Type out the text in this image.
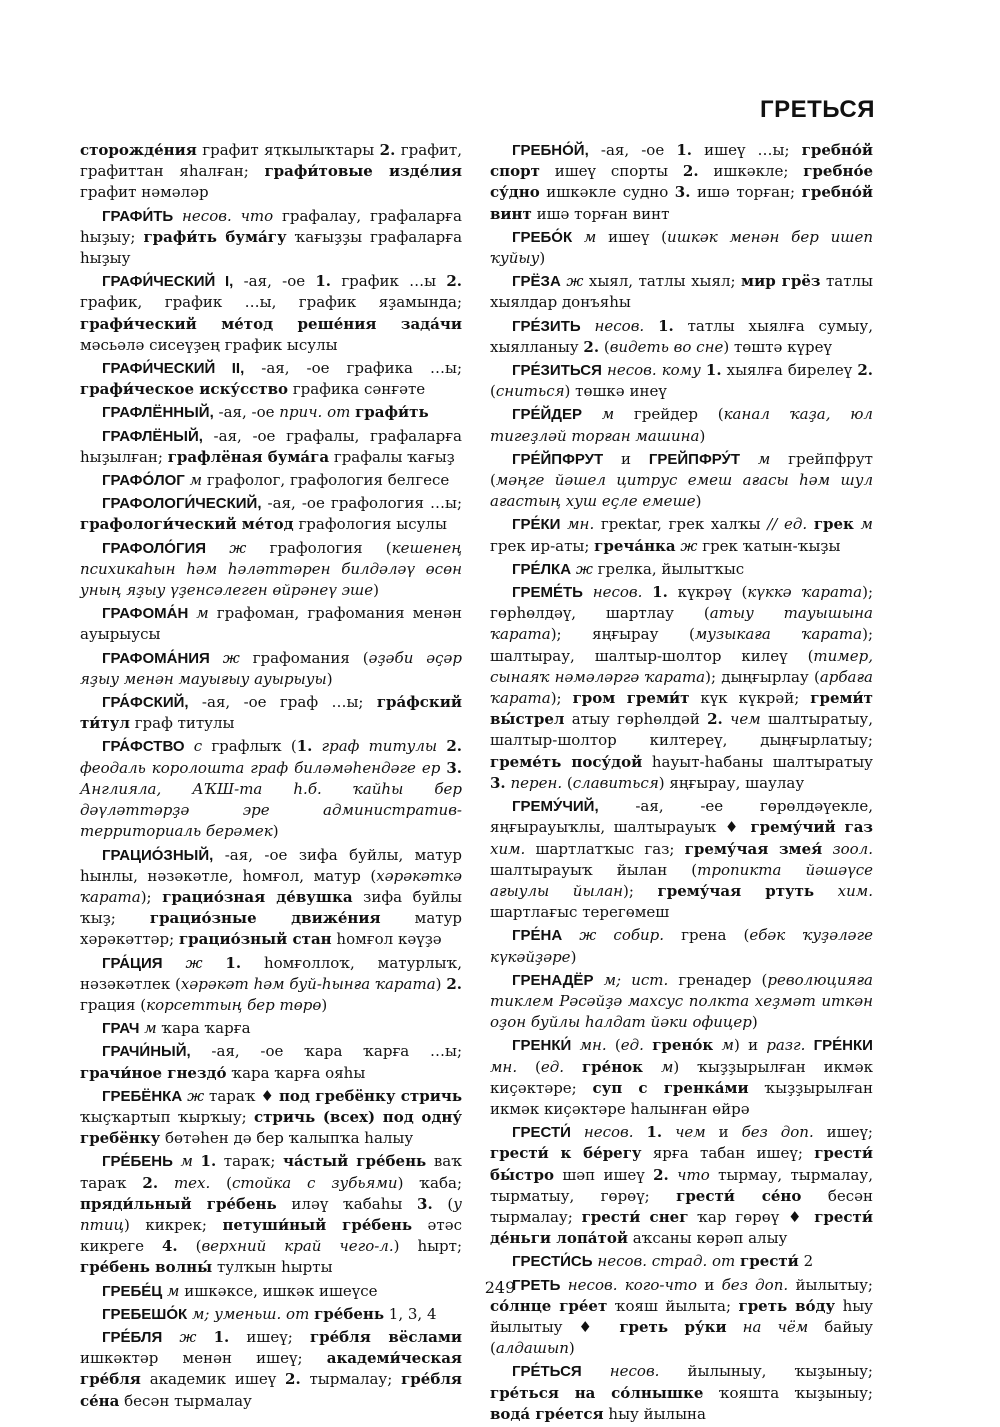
ГРЕТЬСЯ

сторожде́ния графит яҭкылыҡтары 2. графит, графиттан яһалған; графи́товые изде́лия графит нәмәләр

ГРАФИ́ТЬ несов. что графалау, графаларға һыҙыу; графи́ть бума́гу ҡағыҙҙы графаларға һыҙыу

ГРАФИ́ЧЕСКИЙ I, -ая, -ое 1. график …ы 2. график, график …ы, график яҙамында; графи́ческий ме́тод реше́ния зада́чи мәсьәлә сисеүҙең график ысулы

ГРАФИ́ЧЕСКИЙ II, -ая, -ое графика …ы; графи́ческое иску́сство графика сәнғәте

ГРАФЛЁННЫЙ, -ая, -ое прич. от графи́ть

ГРАФЛЁНЫЙ, -ая, -ое графалы, графаларға һыҙылған; графлёная бума́га графалы ҡағыҙ

ГРАФО́ЛОГ м графолог, графология белгесе

ГРАФОЛОГИ́ЧЕСКИЙ, -ая, -ое графология …ы; графологи́ческий ме́тод графология ысулы

ГРАФОЛО́ГИЯ ж графология (кешенең психикаһын һәм һәләттәрен билдәләү өсөн уның яҙыу үҙенсәлеген өйрәнеү эше)

ГРАФОМА́Н м графоман, графомания менән ауырыусы

ГРАФОМА́НИЯ ж графомания (әҙәби әҫәр яҙыу менән мауығыу ауырыуы)

ГРА́ФСКИЙ, -ая, -ое граф …ы; гра́фский ти́тул граф титулы

ГРА́ФСТВО с графлыҡ (1. граф титулы 2. феодаль королошта граф биләмәһендәге ер 3. Англияла, АҠШ-та һ.б. ҡайһы бер дәүләттәрҙә эре административ-территориаль берәмек)

ГРАЦИО́ЗНЫЙ, -ая, -ое зифа буйлы, матур һынлы, нәзәкәтле, һомғол, матур (хәрәкәткә ҡарата); грацио́зная де́вушка зифа буйлы ҡыҙ; грацио́зные движе́ния матур хәрәкәттәр; грацио́зный стан һомғол кәүҙә

ГРА́ЦИЯ ж 1. һомғоллоҡ, матурлыҡ, нәзәкәтлек (хәрәкәт һәм буй-һынға ҡарата) 2. грация (корсеттың бер төрө)

ГРАЧ м ҡара ҡарға

ГРАЧИ́НЫЙ, -ая, -ое ҡара ҡарға …ы; грачи́ное гнездо́ ҡара ҡарға ояһы

ГРЕБЁНКА ж тараҡ ♦ под гребёнку стричь ҡыҫҡартып ҡырҡыу; стричь (всех) под одну́ гребёнку бөтәһен дә бер ҡалыпҡа һалыу

ГРЕ́БЕНЬ м 1. тараҡ; ча́стый гре́бень ваҡ тараҡ 2. тех. (стойка с зубьями) ҡаба; пряди́льный гре́бень иләү ҡабаһы 3. (у птиц) кикрек; петуши́ный гре́бень әтәс кикреге 4. (верхний край чего-л.) һырт; гре́бень волны́ тулҡын һырты

ГРЕБЕ́Ц м ишкәксе, ишкәк ишеүсе

ГРЕБЕШО́К м; уменьш. от гре́бень 1, 3, 4

ГРЕ́БЛЯ ж 1. ишеү; гре́бля вёслами ишкәктәр менән ишеү; академи́ческая гре́бля академик ишеү 2. тырмалау; гре́бля се́на бесән тырмалау

ГРЕБНО́Й, -ая, -ое 1. ишеү …ы; гребно́й спорт ишеү спорты 2. ишкәкле; гребно́е су́дно ишкәкле судно 3. ишә торған; гребно́й винт ишә торған винт

ГРЕБО́К м ишеү (ишкәк менән бер ишеп ҡуйыу)

ГРЁЗА ж хыял, татлы хыял; мир грёз татлы хыялдар донъяһы

ГРЕ́ЗИТЬ несов. 1. татлы хыялға сумыу, хыялланыу 2. (видеть во сне) төштә күреү

ГРЕ́ЗИТЬСЯ несов. кому 1. хыялға бирелеү 2. (сниться) төшкә инеү

ГРЕ́ЙДЕР м грейдер (канал ҡаҙа, юл тигеҙләй торған машина)

ГРЕ́ЙПФРУТ и ГРЕЙПФРУ́Т м грейпфрут (мәңге йәшел цитрус емеш ағасы һәм шул ағастың хуш еҫле емеше)

ГРЕ́КИ мн. грекtar, грек халҡы // ед. грек м грек ир-аты; греча́нка ж грек ҡатын-ҡыҙы

ГРЕ́ЛКА ж грелка, йылытҡыс

ГРЕМЕ́ТЬ несов. 1. күкрәү (күккә ҡарата); гөрһөлдәү, шартлау (атыу тауышына ҡарата); яңғырау (музыкаға ҡарата); шалтырау, шалтыр-шолтор килеү (тимер, сынаяҡ нәмәләргә ҡарата); дыңғырлау (арбаға ҡарата); гром греми́т күк күкрәй; греми́т вы́стрел атыу гөрһөлдәй 2. чем шалтыратыу, шалтыр-шолтор килтереү, дыңғырлатыу; греме́ть посу́дой һауыт-һабаны шалтыратыу 3. перен. (славиться) яңғырау, шаулау

ГРЕМУ́ЧИЙ, -ая, -ее гөрөлдәүекле, яңғырауыҡлы, шалтырауыҡ ♦ грему́чий газ хим. шартлатҡыс газ; грему́чая змея́ зоол. шалтырауыҡ йылан (тропикта йәшәүсе ағыулы йылан); грему́чая ртуть хим. шартлағыс терегөмеш

ГРЕ́НА ж собир. грена (ебәк ҡуҙәләге күкәйҙәре)

ГРЕНАДЁР м; ист. гренадер (революцияға тиклем Рәсәйҙә махсус полкта хеҙмәт иткән оҙон буйлы һалдат йәки офицер)

ГРЕНКИ́ мн. (ед. грено́к м) и разг. ГРЕ́НКИ мн. (ед. гре́нок м) ҡыҙҙырылған икмәк киҫәктәре; суп с гренка́ми ҡыҙҙырылған икмәк киҫәктәре һалынған өйрә

ГРЕСТИ́ несов. 1. чем и без доп. ишеү; грести́ к бе́регу ярға табан ишеү; грести́ бы́стро шәп ишеү 2. что тырмау, тырмалау, тырматыу, гөрөү; грести́ се́но бесән тырмалау; грести́ снег ҡар гөрөү ♦ грести́ де́ньги лопа́той аҡсаны көрәп алыу

ГРЕСТИ́СЬ несов. страд. от грести́ 2

ГРЕТЬ несов. кого-что и без доп. йылытыу; со́лнце гре́ет ҡояш йылыта; греть во́ду һыу йылытыу ♦ греть ру́ки на чём байыу (алдашып)

ГРЕ́ТЬСЯ несов. йылыныу, ҡыҙыныу; гре́ться на со́лнышке ҡояшта ҡыҙыныу; вода́ гре́ется һыу йылына

249
